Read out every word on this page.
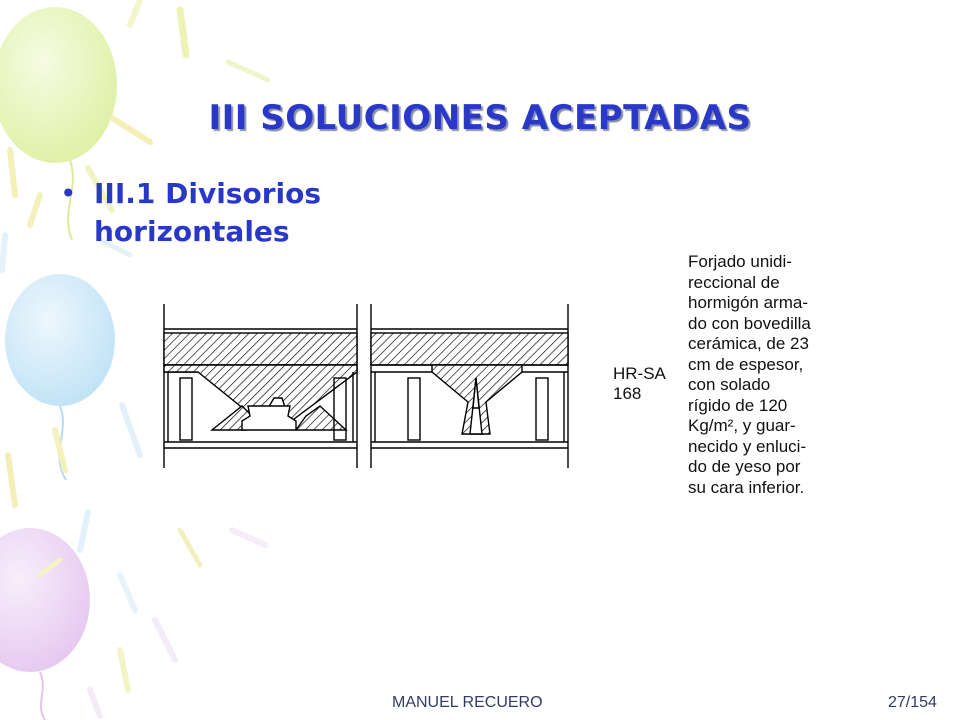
III SOLUCIONES ACEPTADAS
• III.1 Divisorios
horizontales
HR-SA
168
Forjado unidi-
reccional de
hormigón arma-
do con bovedilla
cerámica, de 23
cm de espesor,
con solado
rígido de 120
Kg/m², y guar-
necido y enluci-
do de yeso por
su cara inferior.
MANUEL RECUERO	27/154
